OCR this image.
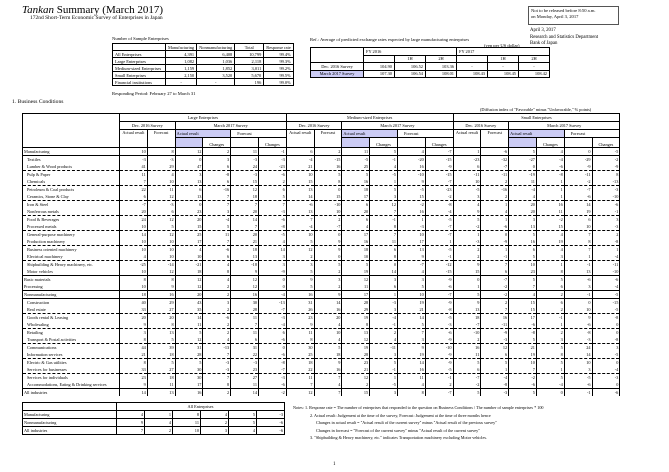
Tankan Summary (March 2017)
172nd Short-Term Economic Survey of Enterprises in Japan
Not to be released before 8:50 a.m.
on Monday, April 3, 2017
April 3, 2017
Research and Statistics Department
Bank of Japan
Number of Sample Enterprises
	Manufacturing	Nonmanufacturing	Total	Response rate
All Enterprises	4,391	6,408	10,799	99.4%
Large Enterprises	1,082	1,036	2,118	99.3%
Medium-sized Enterprises	1,159	1,852	3,011	99.2%
Small Enterprises	2,150	3,520	5,670	99.5%
Financial institutions	-	-	196	99.0%
Responding Period: February 27 to March 31
Ref.: Average of predicted exchange rates expected by large manufacturing enterprises
(yen per US dollar)
	FY 2016			FY 2017		
		1H	2H		1H	2H
Dec. 2016 Survey	104.90	106.52	103.36	-	-	-
March 2017 Survey	107.30	106.54	108.01	108.43	108.45	108.42
1. Business Conditions
(Diffusion index of "Favorable" minus "Unfavorable," % points)
	Large Enterprises						Medium-sized Enterprises						Small Enterprises					
	Dec. 2016 Survey		March 2017 Survey				Dec. 2016 Survey		March 2017 Survey				Dec. 2016 Survey		March 2017 Survey			
	Actual result	Forecast	Actual result		Forecast		Actual result	Forecast	Actual result		Forecast		Actual result	Forecast	Actual result		Forecast	
				Changes		Changes				Changes		Changes				Changes		Changes
Manufacturing	10	8	12	2	11	-1	6	2	11	5	4	-7	1	-6	5	4	0	-5
Textiles	-3	-3	0	3	-3	-3	-4	-15	-5	-1	-20	-15	-23	-32	-27	-4	-29	-2
Lumber & Wood products	41	29	47	6	24	-23	21	16	25	4	16	-9	6	-7	0	-6	-9	-9
Pulp & Paper	11	4	3	-8	-3	-6	10	5	5	-5	-10	-15	-11	-11	-19	-8	-11	8
Chemicals	7	10	13	6	15	2	15	8	16	1	9	-7	10	2	11	1	-2	-13
Petroleum & Coal products	22	11	6	-16	12	6	13	0	18	5	-5	-23	-5	-16	-4	1	-7	-3
Ceramics, Stone & Clay	6	12	13	7	18	5	14	15	17	3	15	-2	3	2	4	1	-6	-10
Iron & Steel	-7	-3	0	7	7	7	-6	-10	6	12	-2	-8	4	1	20	16	14	-6
Nonferrous metals	20	6	23	3	20	-3	13	10	20	7	16	-4	9	4	20	11	19	-1
Food & Beverages	24	12	20	-4	14	-6	7	2	6	-1	1	-5	5	1	3	-2	6	3
Processed metals	10	5	15	5	7	-8	-4	-7	4	8	-3	-7	-2	-6	13	15	10	-3
General-purpose machinery	14	12	25	11	20	-5	10	0	17	7	10	-7	1	0	5	4	7	2
Production machinery	10	10	17	7	21	4	5	9	16	11	17	1	-3	-9	16	19	8	-8
Business oriented machinery	10	10	4	-6	18	14	12	9	18	6	13	-5	2	1	6	4	7	1
Electrical machinery	4	10	10	6	13	3	2	0	10	8	9	-1	2	-1	5	3	1	-4
Shipbuilding & Heavy machinery, etc.	-25	-14	-21	4	-18	3	3	5	5	0	-7	-12	9	7	10	1	-1	-11
Motor vehicles	10	12	18	8	9	-9	5	2	19	14	4	-15	15	6	23	8	13	-10
Basic materials	8	8	12	4	12	0	9	3	12	3	3	-9	0	-7	5	5	-6	-6
Processing	10	9	12	2	12	0	5	2	11	6	5	-6	1	-2	7	6	3	-4
Nonmanufacturing	18	16	20	2	16	-4	16	9	17	1	10	-7	5	-2	4	2	-1	-5
Construction	40	29	43	3	30	-13	31	14	28	-3	19	-9	9	2	15	6	0	-15
Real estate	33	27	35	2	28	-7	26	16	29	3	21	-8	13	7	15	2	10	-5
Goods rental & Leasing	20	20	14	-6	11	-3	23	20	19	-4	14	-5	18	16	17	-1	9	-8
Wholesaling	9	8	11	2	7	-4	9	4	8	-1	5	-3	-7	-11	-6	1	-6	0
Retailing	3	13	5	2	11	6	11	10	13	2	7	-6	-10	-9	-8	2	-8	0
Transport & Postal activities	8	5	12	4	6	-6	8	4	12	4	3	-9	2	-3	5	3	-3	-8
Communications	44	39	31	-13	31	0	30	5	19	-11	9	-10	16	12	21	5	24	3
Information services	21	18	28	7	22	-6	25	18	28	3	19	-9	11	6	19	8	14	-5
Electric & Gas utilities	8	5	5	-3	-3	-8	18	9	23	5	14	-9	5	5	10	5	10	0
Services for businesses	33	27	30	-3	23	-7	22	16	21	-1	16	-5	6	1	7	1	3	-4
Services for individuals	23	18	30	7	27	-3	11	7	12	1	11	-1	-7	-4	-2	5	-5	-3
Accommodations, Eating & Drinking services	9	11	17	8	11	-6	7	4	2	-5	4	2	-2	-8	-6	-4	-6	0
All industries	14	13	16	2	14	-2	12	7	15	3	8	-7	5	-3	5	0	-1	-6
	All Enterprises					
Manufacturing	4	1	8	4	5	-3
Nonmanufacturing	9	4	11	2	5	-6
All industries	7	2	10	3	4	-6
Notes: 1. Response rate = The number of enterprises that responded to the question on Business Conditions / The number of sample enterprises * 100
2. Actual result: Judgement at the time of the survey, Forecast: Judgement at the time of three months hence
Changes in actual result = "Actual result of the current survey" minus "Actual result of the previous survey"
Changes in forecast = "Forecast of the current survey" minus "Actual result of the current survey"
3. "Shipbuilding & Heavy machinery, etc." indicates Transportation machinery excluding Motor vehicles.
1
